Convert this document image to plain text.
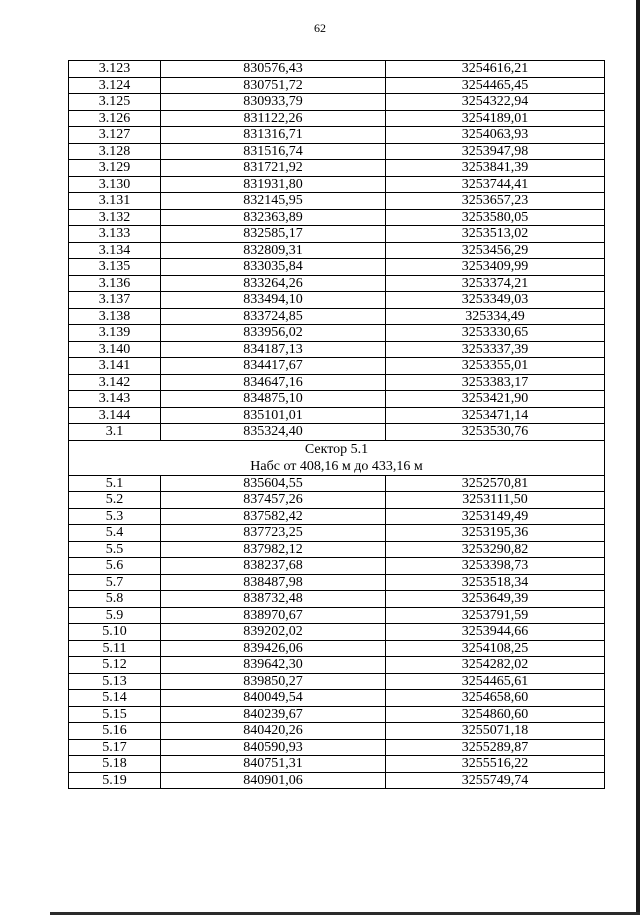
62
3.123	830576,43	3254616,21
3.124	830751,72	3254465,45
3.125	830933,79	3254322,94
3.126	831122,26	3254189,01
3.127	831316,71	3254063,93
3.128	831516,74	3253947,98
3.129	831721,92	3253841,39
3.130	831931,80	3253744,41
3.131	832145,95	3253657,23
3.132	832363,89	3253580,05
3.133	832585,17	3253513,02
3.134	832809,31	3253456,29
3.135	833035,84	3253409,99
3.136	833264,26	3253374,21
3.137	833494,10	3253349,03
3.138	833724,85	325334,49
3.139	833956,02	3253330,65
3.140	834187,13	3253337,39
3.141	834417,67	3253355,01
3.142	834647,16	3253383,17
3.143	834875,10	3253421,90
3.144	835101,01	3253471,14
3.1	835324,40	3253530,76
Сектор 5.1		
Набс от 408,16 м до 433,16 м		
5.1	835604,55	3252570,81
5.2	837457,26	3253111,50
5.3	837582,42	3253149,49
5.4	837723,25	3253195,36
5.5	837982,12	3253290,82
5.6	838237,68	3253398,73
5.7	838487,98	3253518,34
5.8	838732,48	3253649,39
5.9	838970,67	3253791,59
5.10	839202,02	3253944,66
5.11	839426,06	3254108,25
5.12	839642,30	3254282,02
5.13	839850,27	3254465,61
5.14	840049,54	3254658,60
5.15	840239,67	3254860,60
5.16	840420,26	3255071,18
5.17	840590,93	3255289,87
5.18	840751,31	3255516,22
5.19	840901,06	3255749,74
